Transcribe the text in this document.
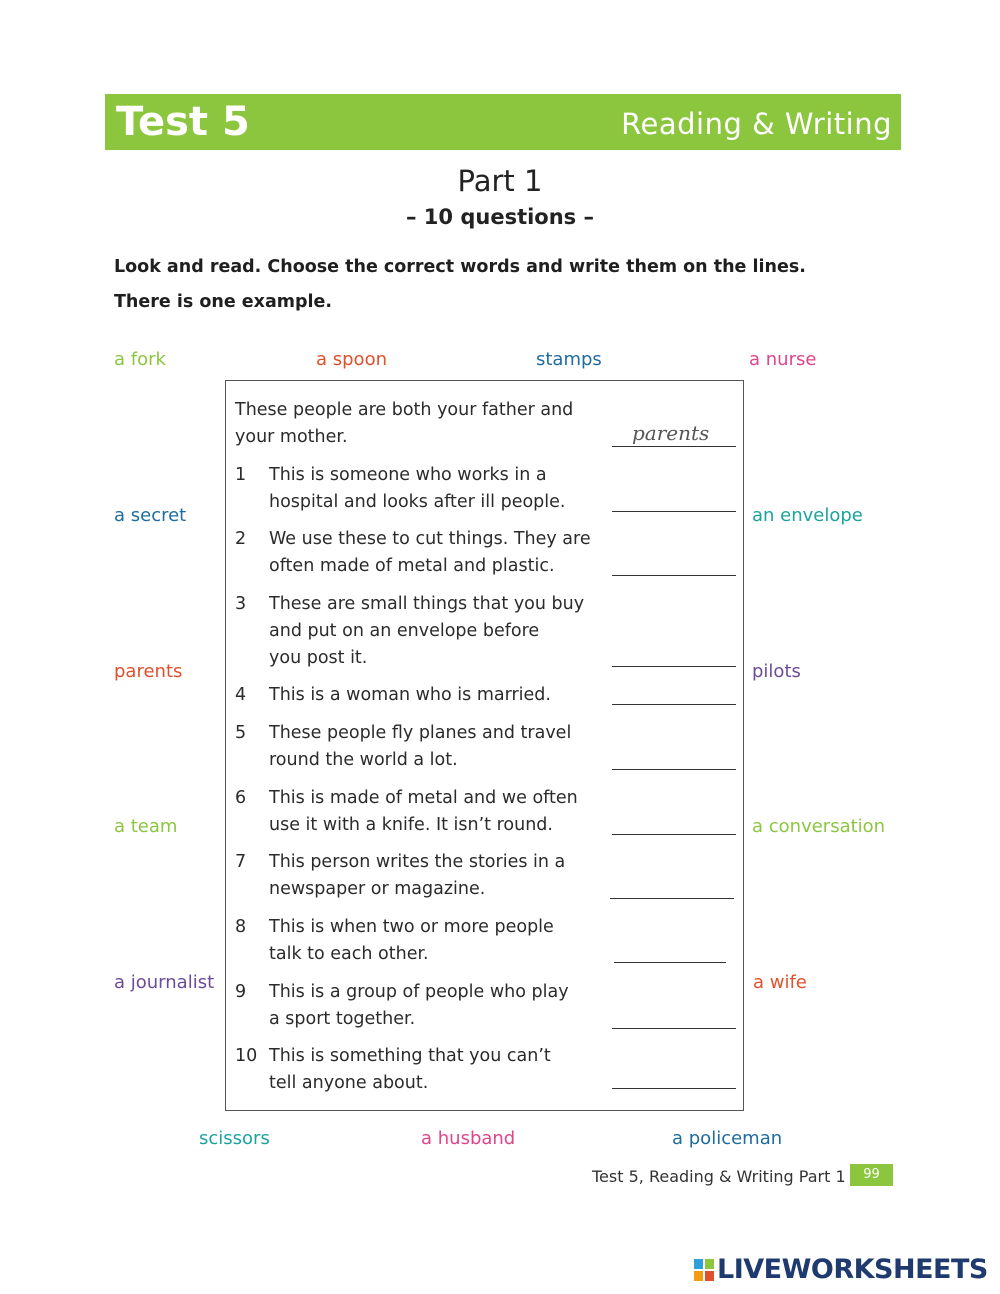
Test 5	Reading & Writing
Part 1
– 10 questions –
Look and read. Choose the correct words and write them on the lines.
There is one example.
a fork	a spoon	stamps	a nurse
a secret
parents
a team
a journalist
an envelope
pilots
a conversation
a wife
scissors	a husband	a policeman
These people are both your father and
your mother.	parents
1 This is someone who works in a
hospital and looks after ill people.
2 We use these to cut things. They are
often made of metal and plastic.
3 These are small things that you buy
and put on an envelope before
you post it.
4 This is a woman who is married.
5 These people fly planes and travel
round the world a lot.
6 This is made of metal and we often
use it with a knife. It isn’t round.
7 This person writes the stories in a
newspaper or magazine.
8 This is when two or more people
talk to each other.
9 This is a group of people who play
a sport together.
10 This is something that you can’t
tell anyone about.
Test 5, Reading & Writing Part 1	99
LIVEWORKSHEETS
